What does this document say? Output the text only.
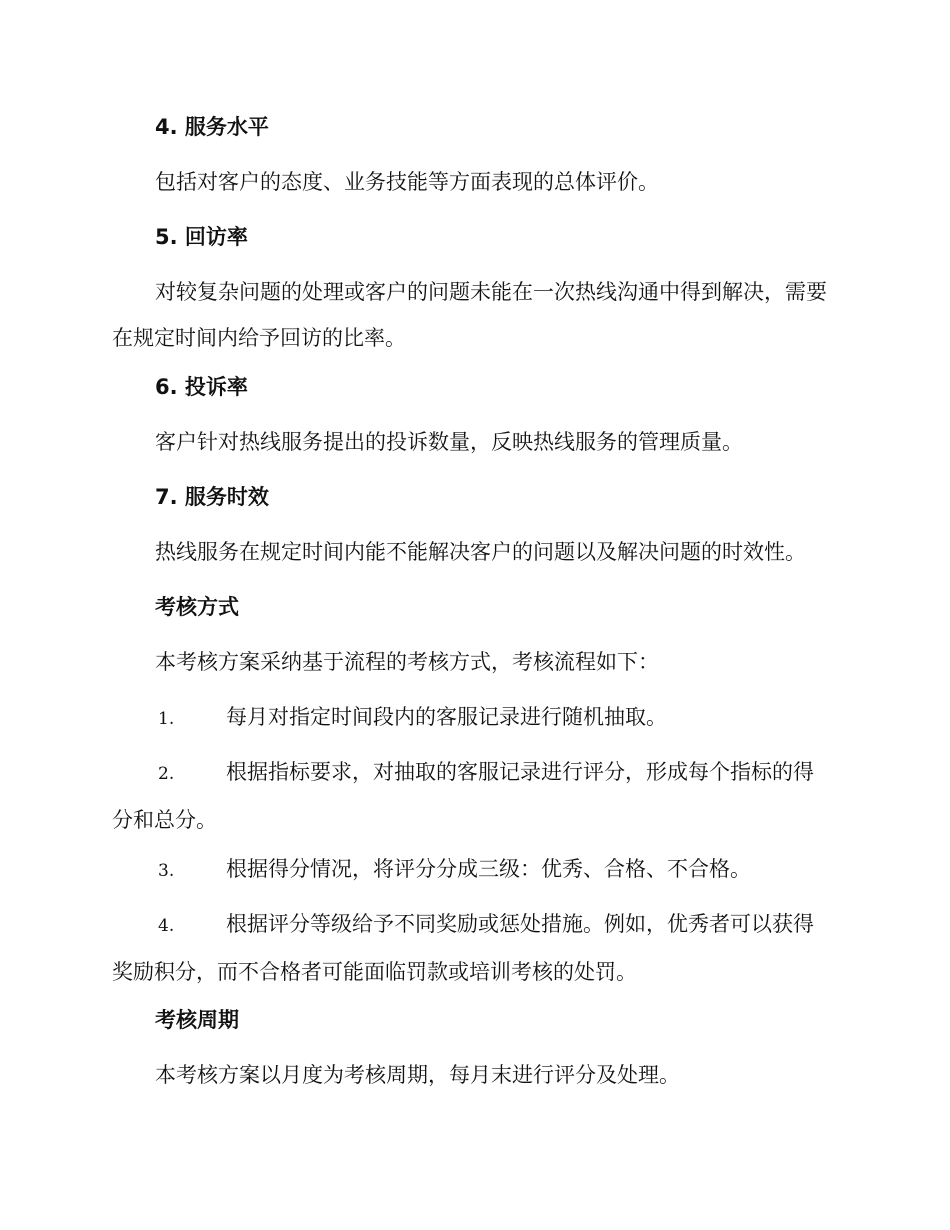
4. 服务水平

包括对客户的态度、业务技能等方面表现的总体评价。

5. 回访率

对较复杂问题的处理或客户的问题未能在一次热线沟通中得到解决，需要在规定时间内给予回访的比率。

6. 投诉率

客户针对热线服务提出的投诉数量，反映热线服务的管理质量。

7. 服务时效

热线服务在规定时间内能不能解决客户的问题以及解决问题的时效性。

考核方式

本考核方案采纳基于流程的考核方式，考核流程如下：

1. 每月对指定时间段内的客服记录进行随机抽取。

2. 根据指标要求，对抽取的客服记录进行评分，形成每个指标的得分和总分。

3. 根据得分情况，将评分分成三级：优秀、合格、不合格。

4. 根据评分等级给予不同奖励或惩处措施。例如，优秀者可以获得奖励积分，而不合格者可能面临罚款或培训考核的处罚。

考核周期

本考核方案以月度为考核周期，每月末进行评分及处理。
